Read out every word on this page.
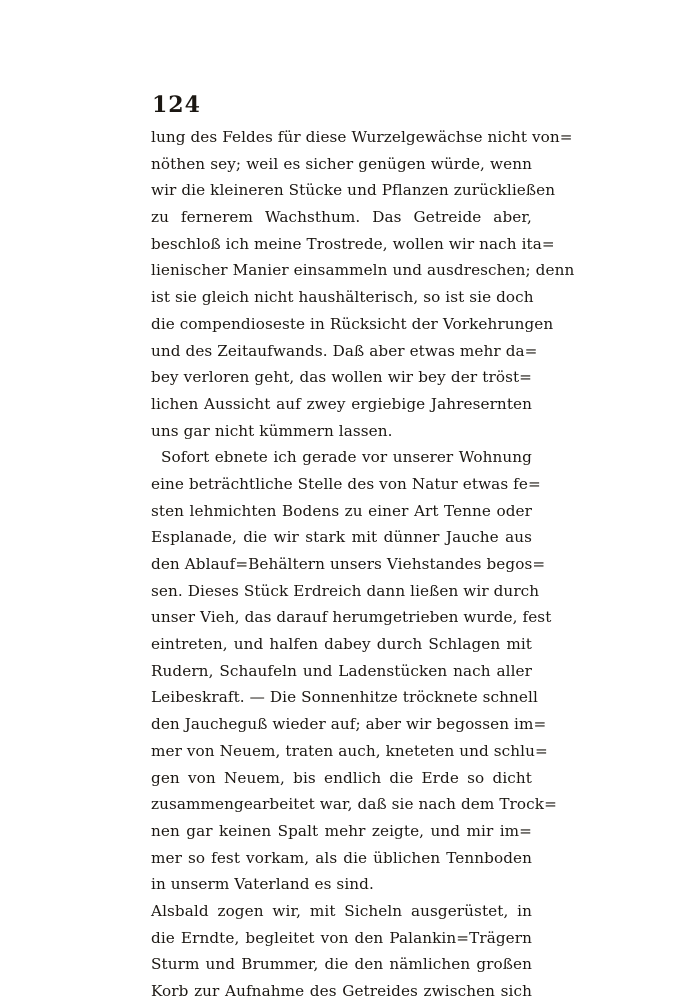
124
lung des Feldes für diese Wurzelgewächse nicht von=
nöthen sey; weil es sicher genügen würde, wenn
wir die kleineren Stücke und Pflanzen zurückließen
zu fernerem Wachsthum. Das Getreide aber,
beschloß ich meine Trostrede, wollen wir nach ita=
lienischer Manier einsammeln und ausdreschen; denn
ist sie gleich nicht haushälterisch, so ist sie doch
die compendioseste in Rücksicht der Vorkehrungen
und des Zeitaufwands. Daß aber etwas mehr da=
bey verloren geht, das wollen wir bey der tröst=
lichen Aussicht auf zwey ergiebige Jahresernten
uns gar nicht kümmern lassen.
Sofort ebnete ich gerade vor unserer Wohnung
eine beträchtliche Stelle des von Natur etwas fe=
sten lehmichten Bodens zu einer Art Tenne oder
Esplanade, die wir stark mit dünner Jauche aus
den Ablauf=Behältern unsers Viehstandes begos=
sen. Dieses Stück Erdreich dann ließen wir durch
unser Vieh, das darauf herumgetrieben wurde, fest
eintreten, und halfen dabey durch Schlagen mit
Rudern, Schaufeln und Ladenstücken nach aller
Leibeskraft. — Die Sonnenhitze tröcknete schnell
den Jaucheguß wieder auf; aber wir begossen im=
mer von Neuem, traten auch, kneteten und schlu=
gen von Neuem, bis endlich die Erde so dicht
zusammengearbeitet war, daß sie nach dem Trock=
nen gar keinen Spalt mehr zeigte, und mir im=
mer so fest vorkam, als die üblichen Tennboden
in unserm Vaterland es sind.
Alsbald zogen wir, mit Sicheln ausgerüstet, in
die Erndte, begleitet von den Palankin=Trägern
Sturm und Brummer, die den nämlichen großen
Korb zur Aufnahme des Getreides zwischen sich
